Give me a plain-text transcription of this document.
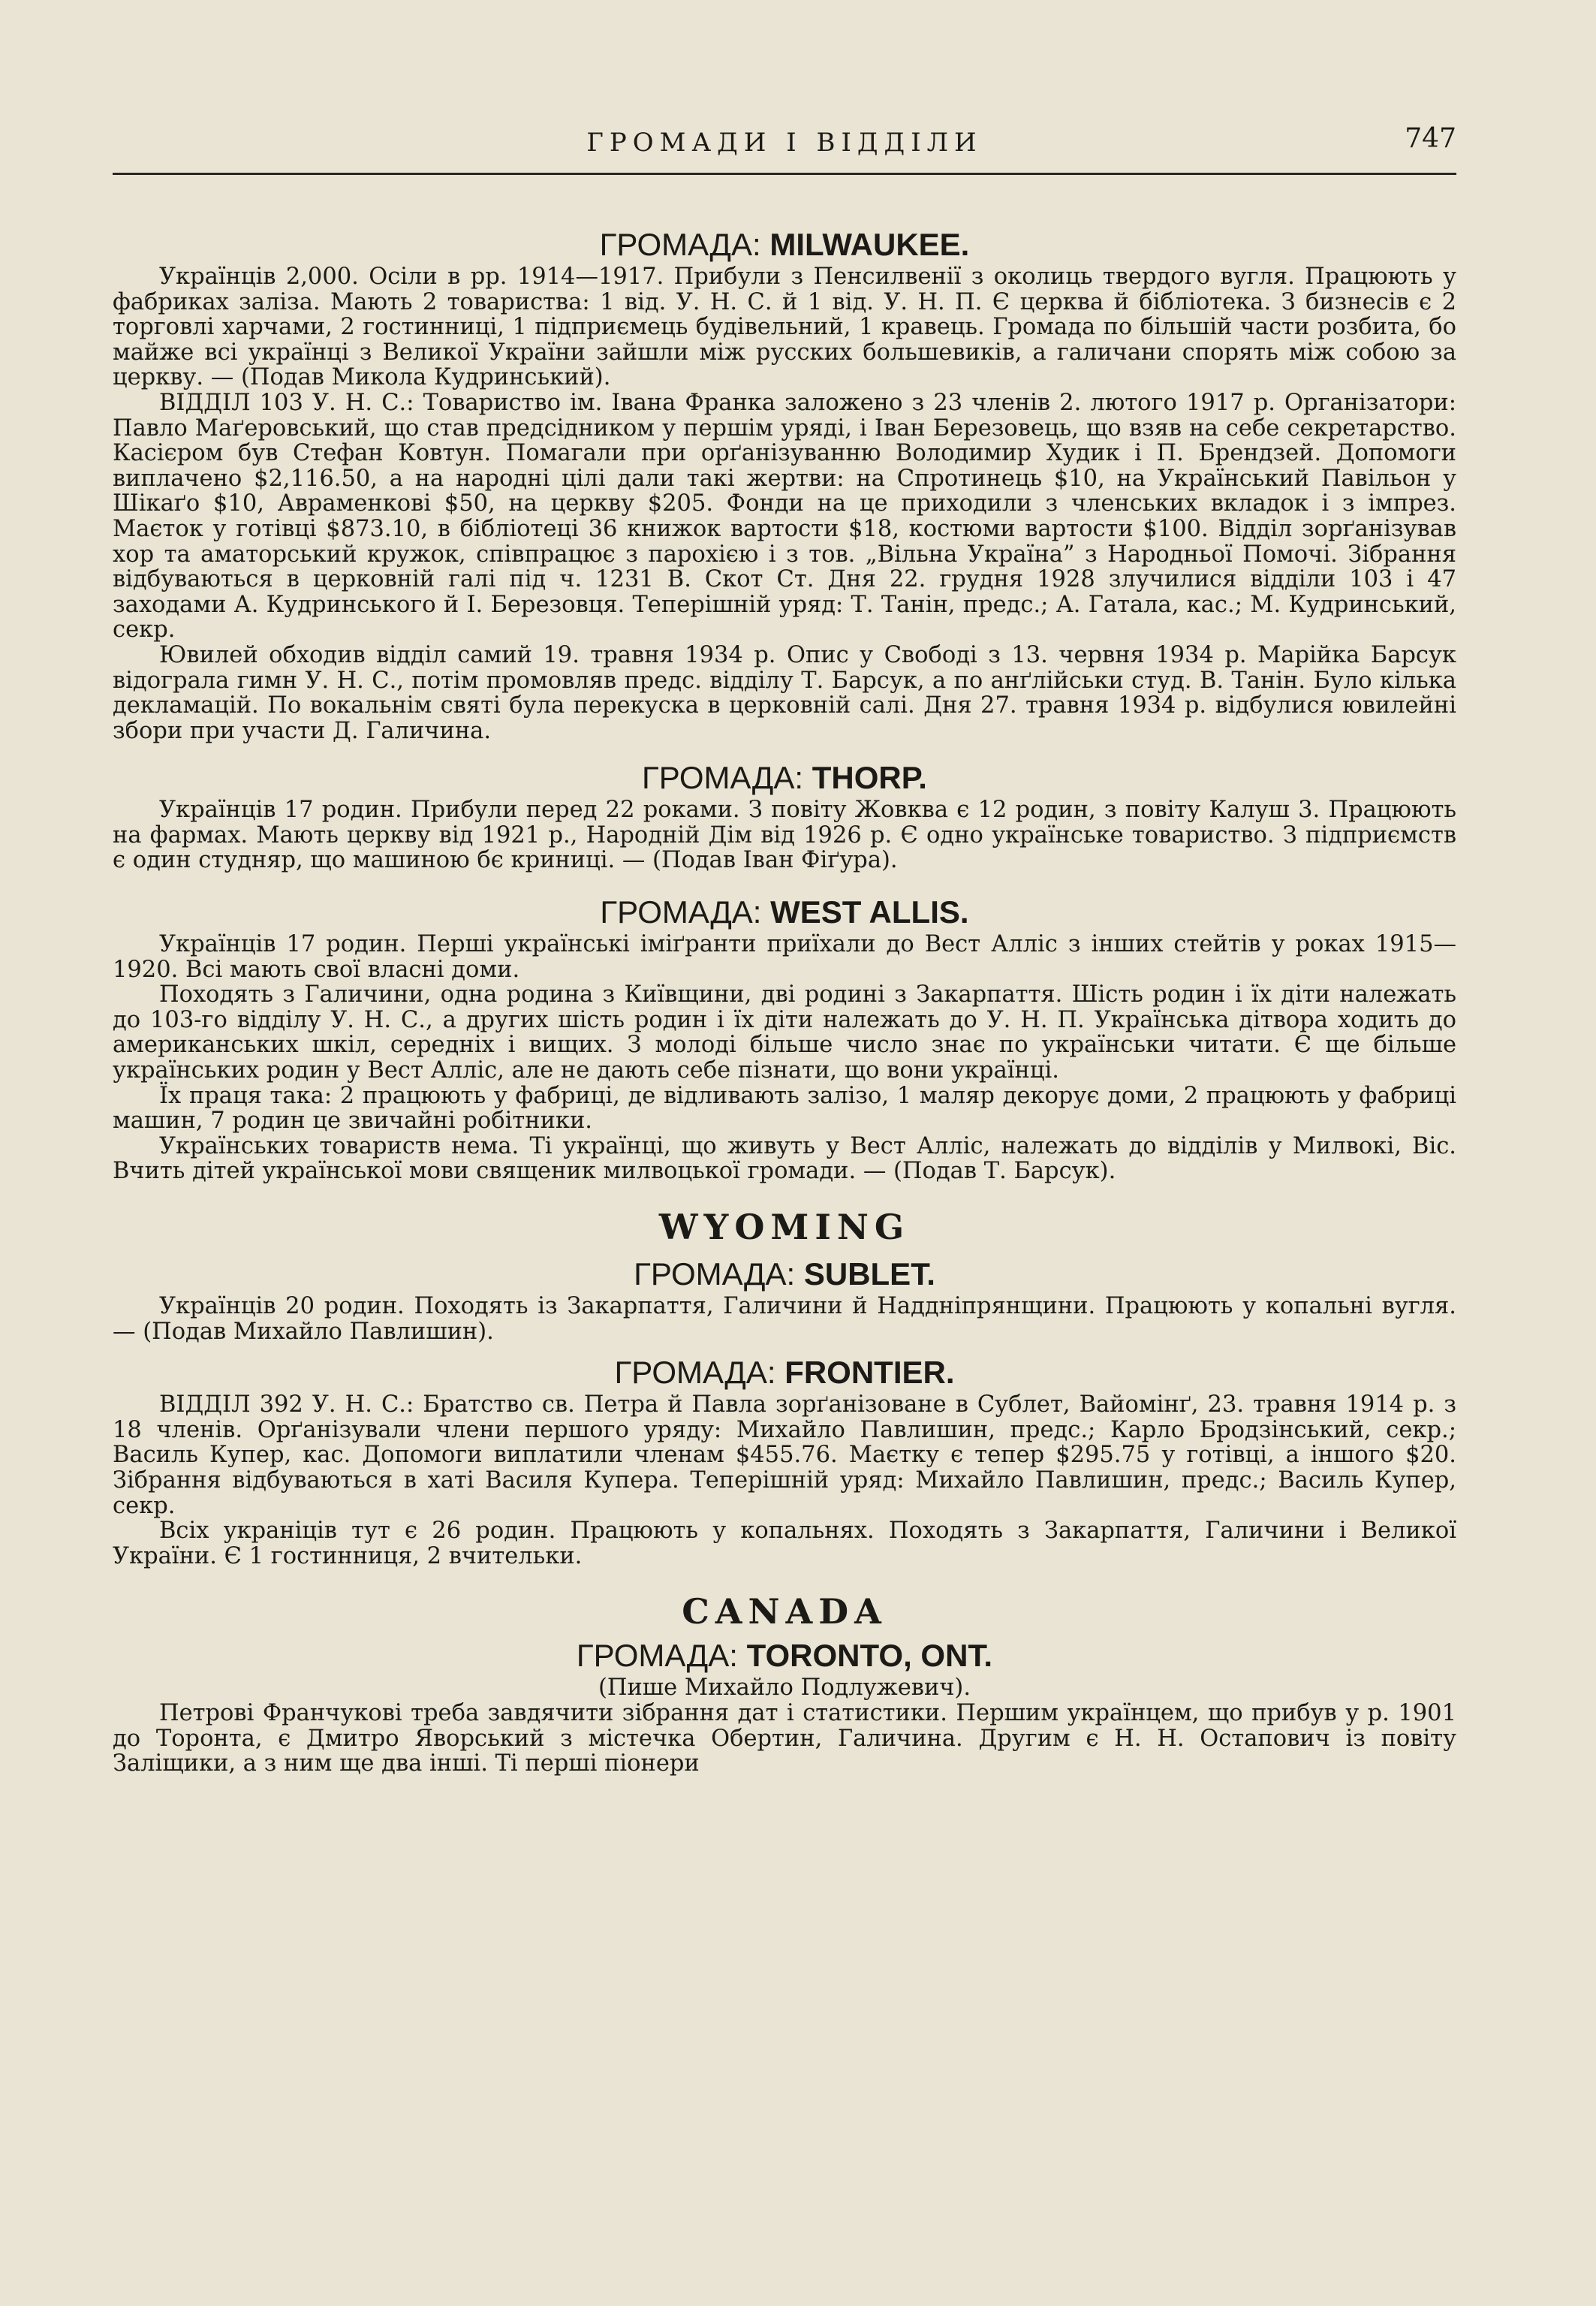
ГРОМАДИ І ВІДДІЛИ	747
ГРОМАДА: MILWAUKEE.

Українців 2,000. Осіли в рр. 1914—1917. Прибули з Пенсилвенії з околиць твердого вугля. Працюють у фабриках заліза. Мають 2 товариства: 1 від. У. Н. С. й 1 від. У. Н. П. Є церква й бібліотека. З бизнесів є 2 торговлі харчами, 2 гостинниці, 1 підприємець будівельний, 1 кравець. Громада по більшій части розбита, бо майже всі українці з Великої України зайшли між русских большевиків, а галичани спорять між собою за церкву. — (Подав Микола Кудринський).

ВІДДІЛ 103 У. Н. С.: Товариство ім. Івана Франка заложено з 23 членів 2. лютого 1917 р. Оргaнізатори: Павло Маґеровський, що став предсідником у першім уряді, і Іван Березовець, що взяв на себе секретарство. Касієром був Стефан Ковтун. Помагали при орґанізуванню Володимир Худик і П. Брендзей. Допомоги виплачено $2,116.50, а на народні цілі дали такі жертви: на Спротинець $10, на Український Павільон у Шікаґо $10, Авраменкові $50, на церкву $205. Фонди на це приходили з членських вкладок і з імпрез. Маєток у готівці $873.10, в бібліотеці 36 книжок вартости $18, костюми вартости $100. Відділ зорґанізував хор та аматорський кружок, співпрацює з парохією і з тов. „Вільна Україна” з Народньої Помочі. Зібрання відбуваються в церковній галі під ч. 1231 В. Скот Ст. Дня 22. грудня 1928 злучилися відділи 103 і 47 заходами А. Кудринського й І. Березовця. Теперішній уряд: Т. Танін, предс.; А. Гатала, кас.; М. Кудринський, секр.

Ювилей обходив відділ самий 19. травня 1934 р. Опис у Свободі з 13. червня 1934 р. Марійка Барсук відограла гимн У. Н. С., потім промовляв предс. відділу Т. Барсук, а по анґлійськи студ. В. Танін. Було кілька декламацій. По вокальнім святі була перекуска в церковній салі. Дня 27. травня 1934 р. відбулися ювилейні збори при участи Д. Галичина.

ГРОМАДА: THORP.

Українців 17 родин. Прибули перед 22 роками. З повіту Жовква є 12 родин, з повіту Калуш 3. Працюють на фармах. Мають церкву від 1921 р., Народній Дім від 1926 р. Є одно українське товариство. З підприємств є один студняр, що машиною бє криниці. — (Подав Іван Фіґура).

ГРОМАДА: WEST ALLIS.

Українців 17 родин. Перші українські іміґранти приїхали до Вест Алліс з інших стейтів у роках 1915—1920. Всі мають свої власні доми.

Походять з Галичини, одна родина з Київщини, дві родині з Закарпаття. Шість родин і їх діти належать до 103-го відділу У. Н. С., а других шість родин і їх діти належать до У. Н. П. Українська дітвора ходить до американських шкіл, середніх і вищих. З молоді більше число знає по українськи читати. Є ще більше українських родин у Вест Алліс, але не дають себе пізнати, що вони українці.

Їх праця така: 2 працюють у фабриці, де відливають залізо, 1 маляр декорує доми, 2 працюють у фабриці машин, 7 родин це звичайні робітники.

Українських товариств нема. Ті українці, що живуть у Вест Алліс, належать до відділів у Милвокі, Віс. Вчить дітей української мови священик милвоцької громади. — (Подав Т. Барсук).

WYOMING
ГРОМАДА: SUBLET.

Українців 20 родин. Походять із Закарпаття, Галичини й Наддніпрянщини. Працюють у копальні вугля. — (Подав Михайло Павлишин).

ГРОМАДА: FRONTIER.

ВІДДІЛ 392 У. Н. С.: Братство св. Петра й Павла зорґанізоване в Сублет, Вайомінґ, 23. травня 1914 р. з 18 членів. Орґанізували члени першого уряду: Михайло Павлишин, предс.; Карло Бродзінський, секр.; Василь Купер, кас. Допомоги виплатили членам $455.76. Маєтку є тепер $295.75 у готівці, а іншого $20. Зібрання відбуваються в хаті Василя Купера. Теперішній уряд: Михайло Павлишин, предс.; Василь Купер, секр.

Всіх украніців тут є 26 родин. Працюють у копальнях. Походять з Закарпаття, Галичини і Великої України. Є 1 гостинниця, 2 вчительки.

CANADA
ГРОМАДА: TORONTO, ONT.

(Пише Михайло Подлужевич).

Петрові Франчукові треба завдячити зібрання дат і статистики. Першим українцем, що прибув у р. 1901 до Торонта, є Дмитро Яворський з містечка Обертин, Галичина. Другим є Н. Н. Остапович із повіту Заліщики, а з ним ще два інші. Ті перші піонери
